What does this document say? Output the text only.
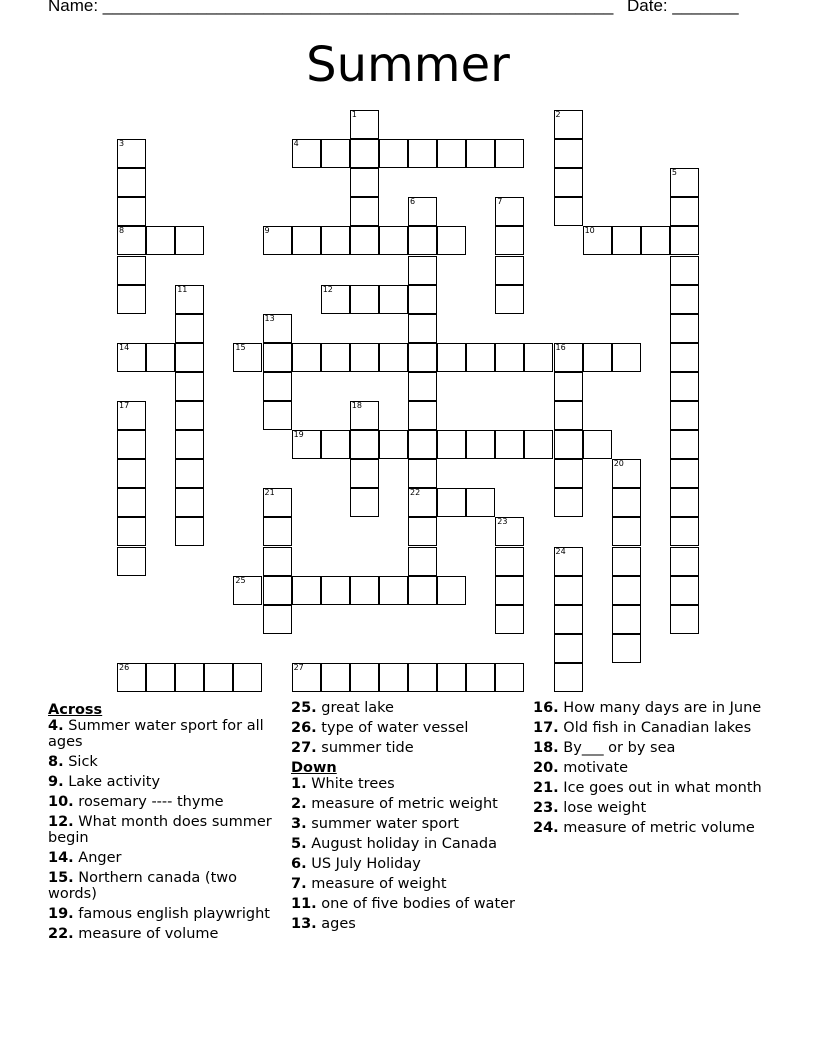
Name: ______________________________________________________ Date: _______
Summer
1	2
3
8
4
5
6
22
7
9	10
11	12
13
14	15	16
17	18
19
20
21
23
24
25
26	27
Across
4. Summer water sport for all ages
8. Sick
9. Lake activity
10. rosemary ---- thyme
12. What month does summer begin
14. Anger
15. Northern canada (two words)
19. famous english playwright
22. measure of volume
25. great lake
26. type of water vessel
27. summer tide
Down
1. White trees
2. measure of metric weight
3. summer water sport
5. August holiday in Canada
6. US July Holiday
7. measure of weight
11. one of five bodies of water
13. ages
16. How many days are in June
17. Old fish in Canadian lakes
18. By___ or by sea
20. motivate
21. Ice goes out in what month
23. lose weight
24. measure of metric volume
